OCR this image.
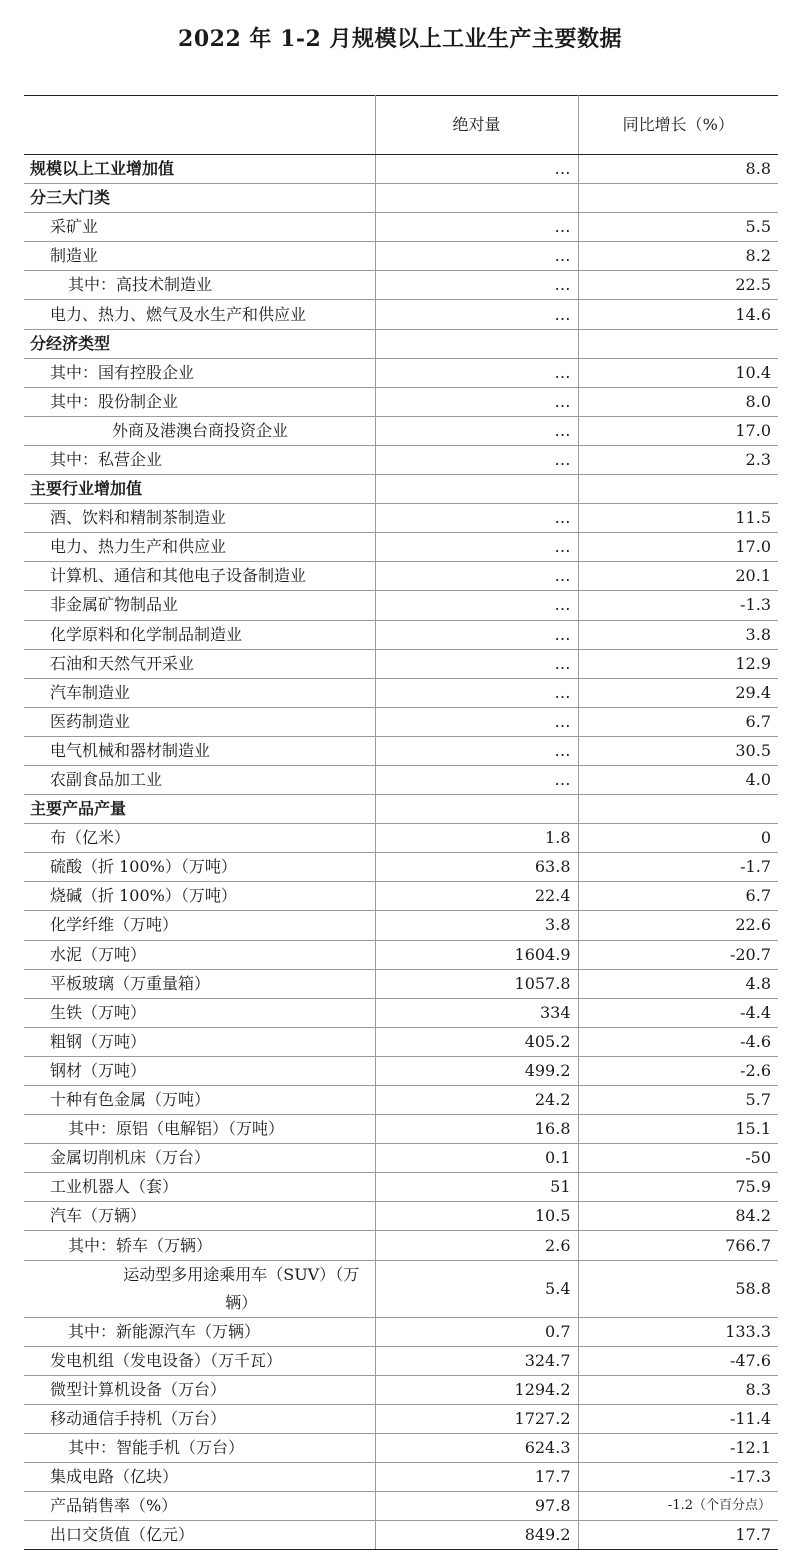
2022 年 1-2 月规模以上工业生产主要数据
	绝对量	同比增长（%）
规模以上工业增加值	…	8.8
分三大门类		
采矿业	…	5.5
制造业	…	8.2
其中：高技术制造业	…	22.5
电力、热力、燃气及水生产和供应业	…	14.6
分经济类型		
其中：国有控股企业	…	10.4
其中：股份制企业	…	8.0
外商及港澳台商投资企业	…	17.0
其中：私营企业	…	2.3
主要行业增加值		
酒、饮料和精制茶制造业	…	11.5
电力、热力生产和供应业	…	17.0
计算机、通信和其他电子设备制造业	…	20.1
非金属矿物制品业	…	-1.3
化学原料和化学制品制造业	…	3.8
石油和天然气开采业	…	12.9
汽车制造业	…	29.4
医药制造业	…	6.7
电气机械和器材制造业	…	30.5
农副食品加工业	…	4.0
主要产品产量		
布（亿米）	1.8	0
硫酸（折 100%）（万吨）	63.8	-1.7
烧碱（折 100%）（万吨）	22.4	6.7
化学纤维（万吨）	3.8	22.6
水泥（万吨）	1604.9	-20.7
平板玻璃（万重量箱）	1057.8	4.8
生铁（万吨）	334	-4.4
粗钢（万吨）	405.2	-4.6
钢材（万吨）	499.2	-2.6
十种有色金属（万吨）	24.2	5.7
其中：原铝（电解铝）（万吨）	16.8	15.1
金属切削机床（万台）	0.1	-50
工业机器人（套）	51	75.9
汽车（万辆）	10.5	84.2
其中：轿车（万辆）	2.6	766.7
运动型多用途乘用车（SUV）（万辆）	5.4	58.8
其中：新能源汽车（万辆）	0.7	133.3
发电机组（发电设备）（万千瓦）	324.7	-47.6
微型计算机设备（万台）	1294.2	8.3
移动通信手持机（万台）	1727.2	-11.4
其中：智能手机（万台）	624.3	-12.1
集成电路（亿块）	17.7	-17.3
产品销售率（%）	97.8	-1.2（个百分点）
出口交货值（亿元）	849.2	17.7
